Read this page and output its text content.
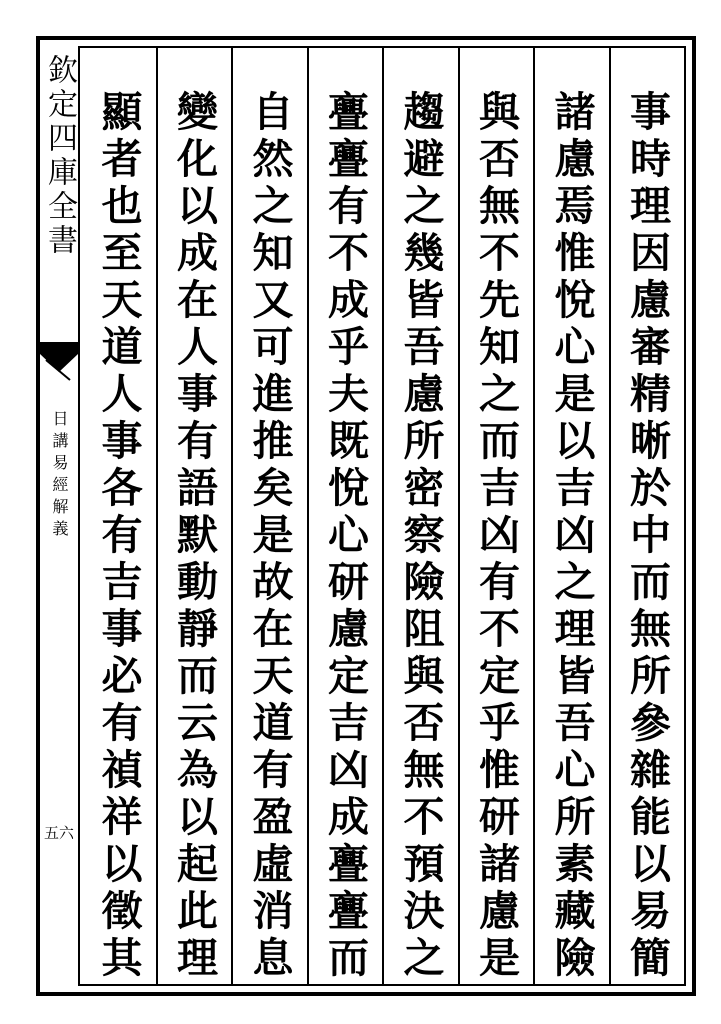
欽定四庫全書
日講易經解義
五六
事時理因慮審精晰於中而無所參雜能以易簡
諸慮焉惟悅心是以吉凶之理皆吾心所素藏險
與否無不先知之而吉凶有不定乎惟研諸慮是
趨避之幾皆吾慮所密察險阻與否無不預決之
亹亹有不成乎夫既悅心研慮定吉凶成亹亹而
自然之知又可進推矣是故在天道有盈虛消息
變化以成在人事有語默動靜而云為以起此理
顯者也至天道人事各有吉事必有禎祥以徵其
